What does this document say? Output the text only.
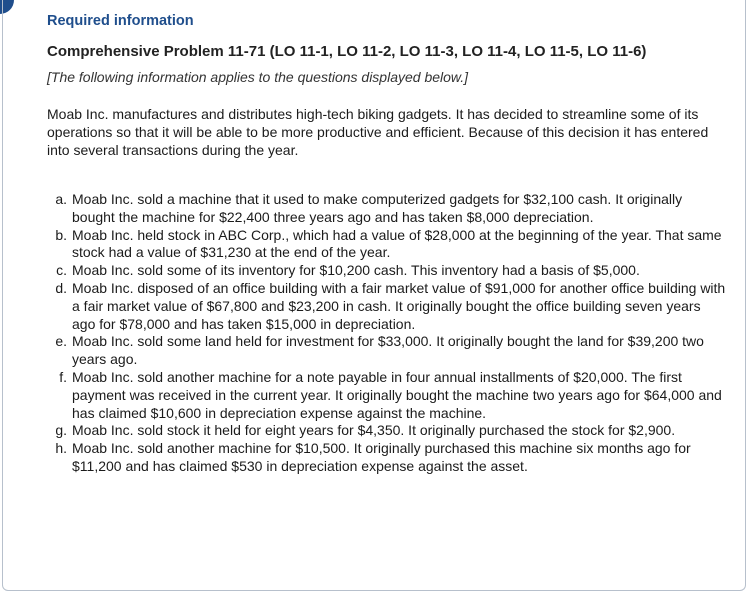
Required information
Comprehensive Problem 11-71 (LO 11-1, LO 11-2, LO 11-3, LO 11-4, LO 11-5, LO 11-6)
[The following information applies to the questions displayed below.]
Moab Inc. manufactures and distributes high-tech biking gadgets. It has decided to streamline some of its operations so that it will be able to be more productive and efficient. Because of this decision it has entered into several transactions during the year.
a. Moab Inc. sold a machine that it used to make computerized gadgets for $32,100 cash. It originally bought the machine for $22,400 three years ago and has taken $8,000 depreciation.
b. Moab Inc. held stock in ABC Corp., which had a value of $28,000 at the beginning of the year. That same stock had a value of $31,230 at the end of the year.
c. Moab Inc. sold some of its inventory for $10,200 cash. This inventory had a basis of $5,000.
d. Moab Inc. disposed of an office building with a fair market value of $91,000 for another office building with a fair market value of $67,800 and $23,200 in cash. It originally bought the office building seven years ago for $78,000 and has taken $15,000 in depreciation.
e. Moab Inc. sold some land held for investment for $33,000. It originally bought the land for $39,200 two years ago.
f. Moab Inc. sold another machine for a note payable in four annual installments of $20,000. The first payment was received in the current year. It originally bought the machine two years ago for $64,000 and has claimed $10,600 in depreciation expense against the machine.
g. Moab Inc. sold stock it held for eight years for $4,350. It originally purchased the stock for $2,900.
h. Moab Inc. sold another machine for $10,500. It originally purchased this machine six months ago for $11,200 and has claimed $530 in depreciation expense against the asset.
